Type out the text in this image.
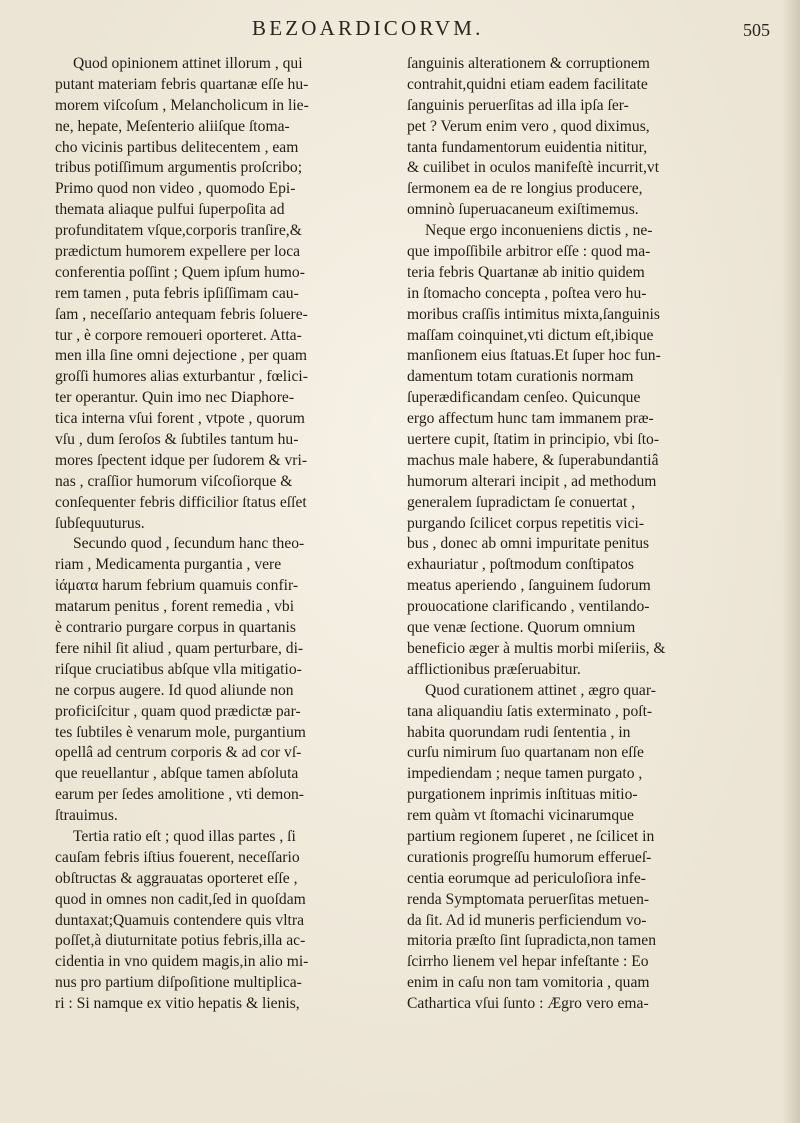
BEZOARDICORVM.	505
Quod opinionem attinet illorum , qui
putant materiam febris quartanæ eſſe hu-
morem viſcoſum , Melancholicum in lie-
ne, hepate, Meſenterio aliiſque ſtoma-
cho vicinis partibus delitecentem , eam
tribus potiſſimum argumentis proſcribo;
Primo quod non video , quomodo Epi-
themata aliaque pulfui ſuperpoſita ad
profunditatem vſque,corporis tranſire,&
prædictum humorem expellere per loca
conferentia poſſint ; Quem ipſum humo-
rem tamen , puta febris ipſiſſimam cau-
ſam , neceſſario antequam febris ſoluere-
tur , è corpore remoueri oporteret. Atta-
men illa ſine omni dejectione , per quam
groſſi humores alias exturbantur , fœlici-
ter operantur. Quin imo nec Diaphore-
tica interna vſui forent , vtpote , quorum
vſu , dum ſeroſos & ſubtiles tantum hu-
mores ſpectent idque per ſudorem & vri-
nas , craſſior humorum viſcoſiorque &
conſequenter febris difficilior ſtatus eſſet
ſubſequuturus.
Secundo quod , ſecundum hanc theo-
riam , Medicamenta purgantia , vere
ἰάματα harum febrium quamuis confir-
matarum penitus , forent remedia , vbi
è contrario purgare corpus in quartanis
fere nihil ſit aliud , quam perturbare, di-
riſque cruciatibus abſque vlla mitigatio-
ne corpus augere. Id quod aliunde non
proficiſcitur , quam quod prædictæ par-
tes ſubtiles è venarum mole, purgantium
opellâ ad centrum corporis & ad cor vſ-
que reuellantur , abſque tamen abſoluta
earum per ſedes amolitione , vti demon-
ſtrauimus.
Tertia ratio eſt ; quod illas partes , ſi
cauſam febris iſtius fouerent, neceſſario
obſtructas & aggrauatas oporteret eſſe ,
quod in omnes non cadit,ſed in quoſdam
duntaxat;Quamuis contendere quis vltra
poſſet,à diuturnitate potius febris,illa ac-
cidentia in vno quidem magis,in alio mi-
nus pro partium diſpoſitione multiplica-
ri : Si namque ex vitio hepatis & lienis,
ſanguinis alterationem & corruptionem
contrahit,quidni etiam eadem facilitate
ſanguinis peruerſitas ad illa ipſa ſer-
pet ? Verum enim vero , quod diximus,
tanta fundamentorum euidentia nititur,
& cuilibet in oculos manifeſtè incurrit,vt
ſermonem ea de re longius producere,
omninò ſuperuacaneum exiſtimemus.
Neque ergo inconueniens dictis , ne-
que impoſſibile arbitror eſſe : quod ma-
teria febris Quartanæ ab initio quidem
in ſtomacho concepta , poſtea vero hu-
moribus craſſis intimitus mixta,ſanguinis
maſſam coinquinet,vti dictum eſt,ibique
manſionem eius ſtatuas.Et ſuper hoc fun-
damentum totam curationis normam
ſuperædificandam cenſeo. Quicunque
ergo affectum hunc tam immanem præ-
uertere cupit, ſtatim in principio, vbi ſto-
machus male habere, & ſuperabundantiâ
humorum alterari incipit , ad methodum
generalem ſupradictam ſe conuertat ,
purgando ſcilicet corpus repetitis vici-
bus , donec ab omni impuritate penitus
exhauriatur , poſtmodum conſtipatos
meatus aperiendo , ſanguinem ſudorum
prouocatione clarificando , ventilando-
que venæ ſectione. Quorum omnium
beneficio æger à multis morbi miſeriis, &
afflictionibus præſeruabitur.
Quod curationem attinet , ægro quar-
tana aliquandiu ſatis exterminato , poſt-
habita quorundam rudi ſententia , in
curſu nimirum ſuo quartanam non eſſe
impediendam ; neque tamen purgato ,
purgationem inprimis inſtituas mitio-
rem quàm vt ſtomachi vicinarumque
partium regionem ſuperet , ne ſcilicet in
curationis progreſſu humorum efferueſ-
centia eorumque ad periculoſiora infe-
renda Symptomata peruerſitas metuen-
da ſit. Ad id muneris perficiendum vo-
mitoria præſto ſint ſupradicta,non tamen
ſcirrho lienem vel hepar infeſtante : Eo
enim in caſu non tam vomitoria , quam
Cathartica vſui ſunto : Ægro vero ema-
